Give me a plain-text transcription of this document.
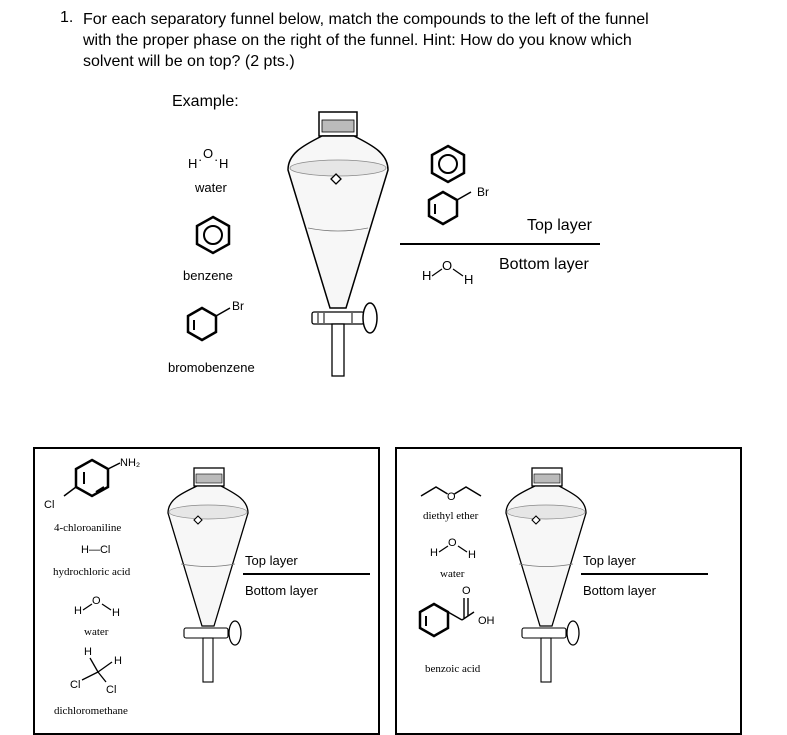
1. For each separatory funnel below, match the compounds to the left of the funnel
with the proper phase on the right of the funnel. Hint: How do you know which
solvent will be on top? (2 pts.)
Example:
H · O · H
water
benzene
Br
bromobenzene
Br
Top layer
Bottom layer
H
O
H
NH₂
Cl
4-chloroaniline
H—Cl
hydrochloric acid
H
O
H
water
H
H
Cl Cl
dichloromethane
Top layer
Bottom layer
O
diethyl ether
H
O
H
water
O
OH
benzoic acid
Top layer
Bottom layer
